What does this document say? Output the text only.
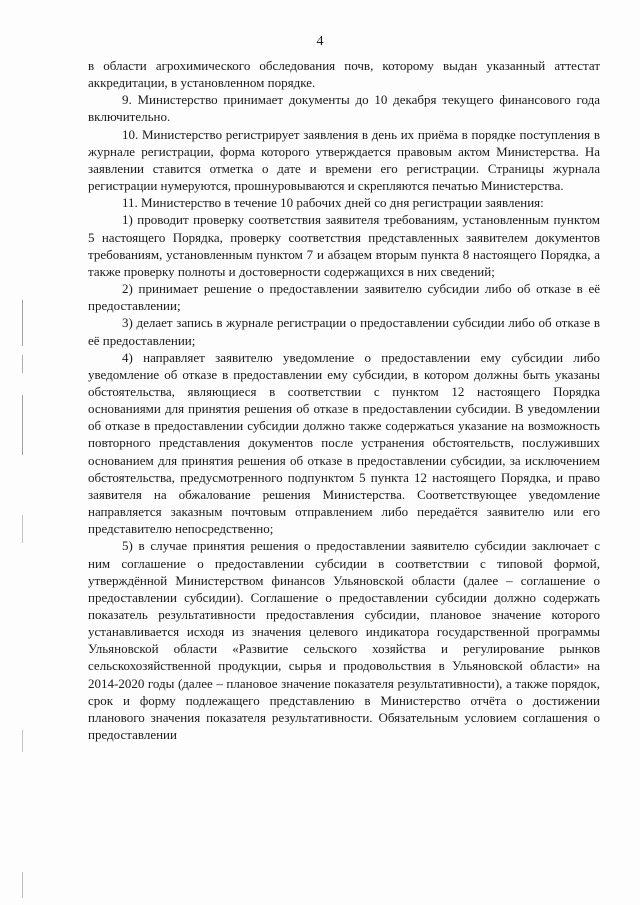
4

в области агрохимического обследования почв, которому выдан указанный аттестат аккредитации, в установленном порядке.

9. Министерство принимает документы до 10 декабря текущего финансового года включительно.

10. Министерство регистрирует заявления в день их приёма в порядке поступления в журнале регистрации, форма которого утверждается правовым актом Министерства. На заявлении ставится отметка о дате и времени его регистрации. Страницы журнала регистрации нумеруются, прошнуровываются и скрепляются печатью Министерства.

11. Министерство в течение 10 рабочих дней со дня регистрации заявления:

1) проводит проверку соответствия заявителя требованиям, установленным пунктом 5 настоящего Порядка, проверку соответствия представленных заявителем документов требованиям, установленным пунктом 7 и абзацем вторым пункта 8 настоящего Порядка, а также проверку полноты и достоверности содержащихся в них сведений;

2) принимает решение о предоставлении заявителю субсидии либо об отказе в её предоставлении;

3) делает запись в журнале регистрации о предоставлении субсидии либо об отказе в её предоставлении;

4) направляет заявителю уведомление о предоставлении ему субсидии либо уведомление об отказе в предоставлении ему субсидии, в котором должны быть указаны обстоятельства, являющиеся в соответствии с пунктом 12 настоящего Порядка основаниями для принятия решения об отказе в предоставлении субсидии. В уведомлении об отказе в предоставлении субсидии должно также содержаться указание на возможность повторного представления документов после устранения обстоятельств, послуживших основанием для принятия решения об отказе в предоставлении субсидии, за исключением обстоятельства, предусмотренного подпунктом 5 пункта 12 настоящего Порядка, и право заявителя на обжалование решения Министерства. Соответствующее уведомление направляется заказным почтовым отправлением либо передаётся заявителю или его представителю непосредственно;

5) в случае принятия решения о предоставлении заявителю субсидии заключает с ним соглашение о предоставлении субсидии в соответствии с типовой формой, утверждённой Министерством финансов Ульяновской области (далее – соглашение о предоставлении субсидии). Соглашение о предоставлении субсидии должно содержать показатель результативности предоставления субсидии, плановое значение которого устанавливается исходя из значения целевого индикатора государственной программы Ульяновской области «Развитие сельского хозяйства и регулирование рынков сельскохозяйственной продукции, сырья и продовольствия в Ульяновской области» на 2014-2020 годы (далее – плановое значение показателя результативности), а также порядок, срок и форму подлежащего представлению в Министерство отчёта о достижении планового значения показателя результативности. Обязательным условием соглашения о предоставлении
